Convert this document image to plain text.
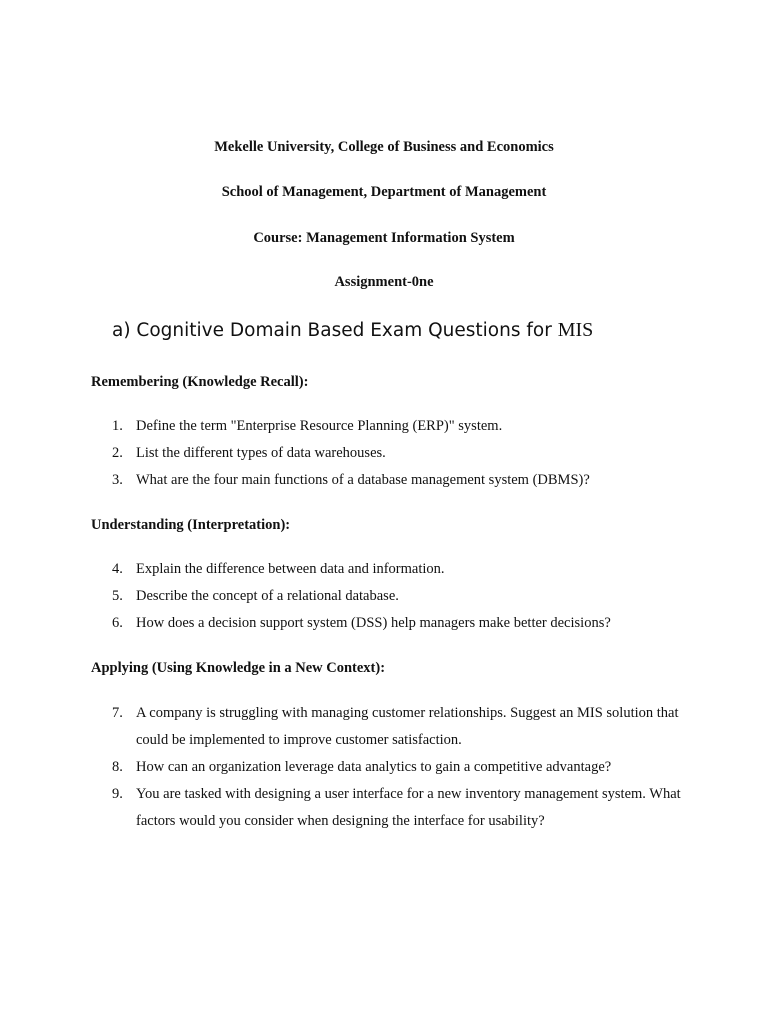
Mekelle University, College of Business and Economics
School of Management, Department of Management
Course: Management Information System
Assignment-0ne
a) Cognitive Domain Based Exam Questions for MIS
Remembering (Knowledge Recall):
1. Define the term "Enterprise Resource Planning (ERP)" system.
2. List the different types of data warehouses.
3. What are the four main functions of a database management system (DBMS)?
Understanding (Interpretation):
4. Explain the difference between data and information.
5. Describe the concept of a relational database.
6. How does a decision support system (DSS) help managers make better decisions?
Applying (Using Knowledge in a New Context):
7. A company is struggling with managing customer relationships. Suggest an MIS solution that could be implemented to improve customer satisfaction.
8. How can an organization leverage data analytics to gain a competitive advantage?
9. You are tasked with designing a user interface for a new inventory management system. What factors would you consider when designing the interface for usability?
